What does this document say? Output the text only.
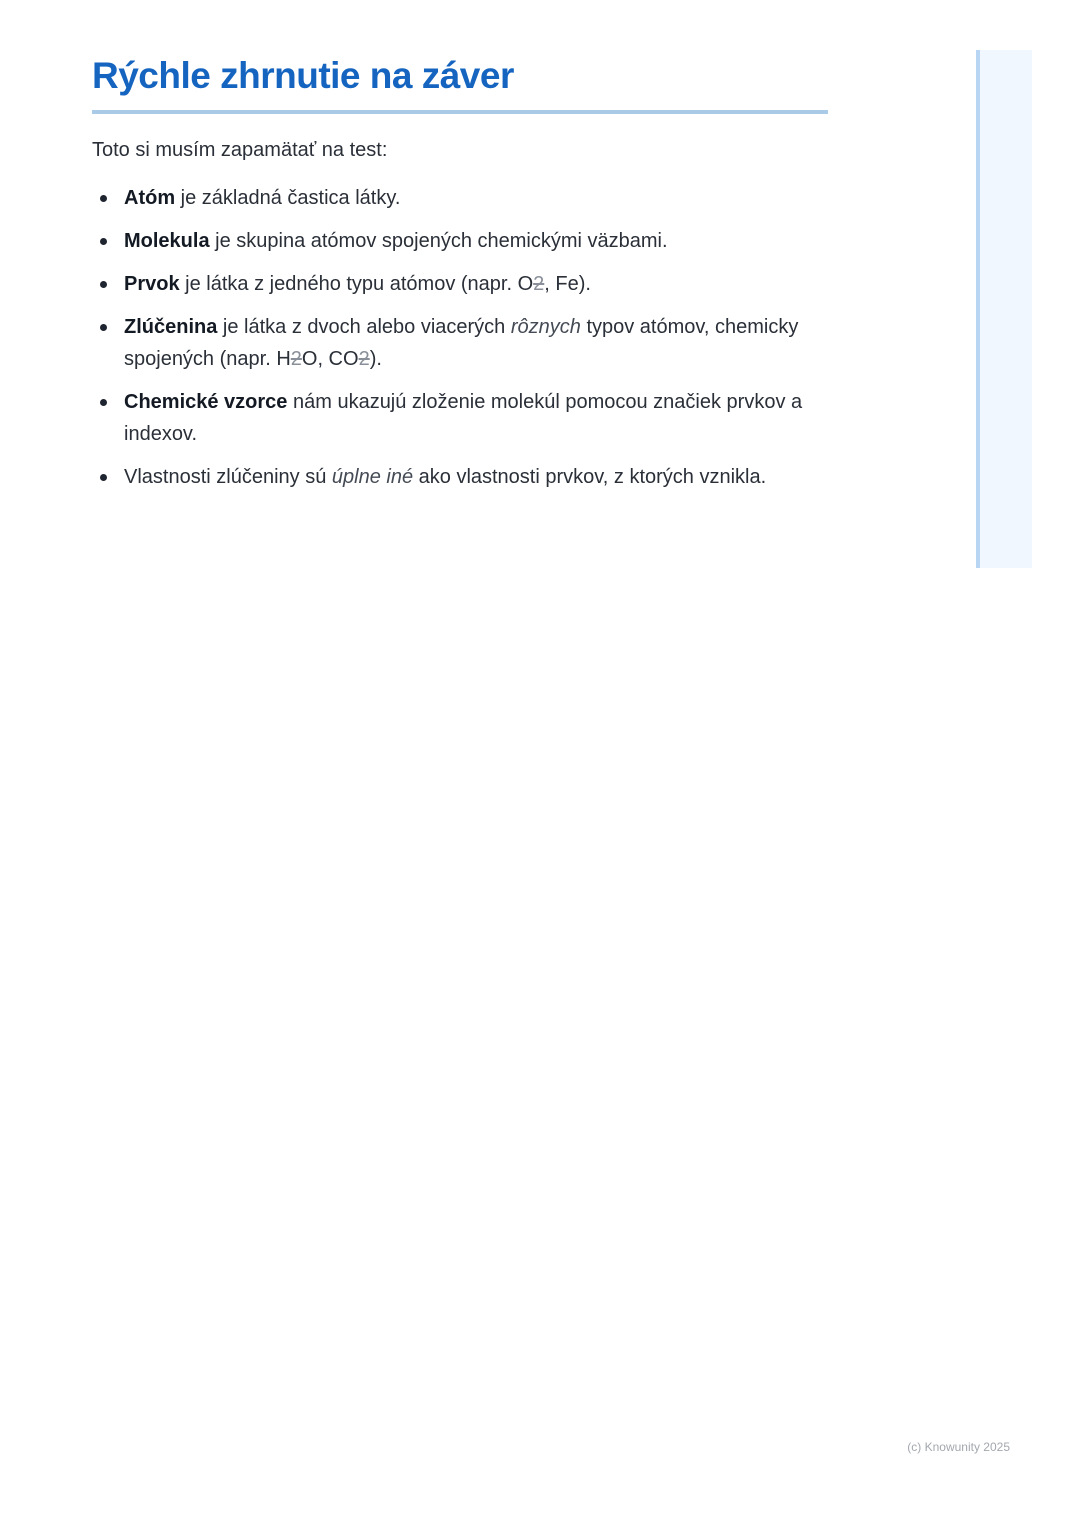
Rýchle zhrnutie na záver

Toto si musím zapamätať na test:

Atóm je základná častica látky.
Molekula je skupina atómov spojených chemickými väzbami.
Prvok je látka z jedného typu atómov (napr. O2, Fe).
Zlúčenina je látka z dvoch alebo viacerých rôznych typov atómov, chemicky spojených (napr. H2O, CO2).
Chemické vzorce nám ukazujú zloženie molekúl pomocou značiek prvkov a indexov.
Vlastnosti zlúčeniny sú úplne iné ako vlastnosti prvkov, z ktorých vznikla.
(c) Knowunity 2025
